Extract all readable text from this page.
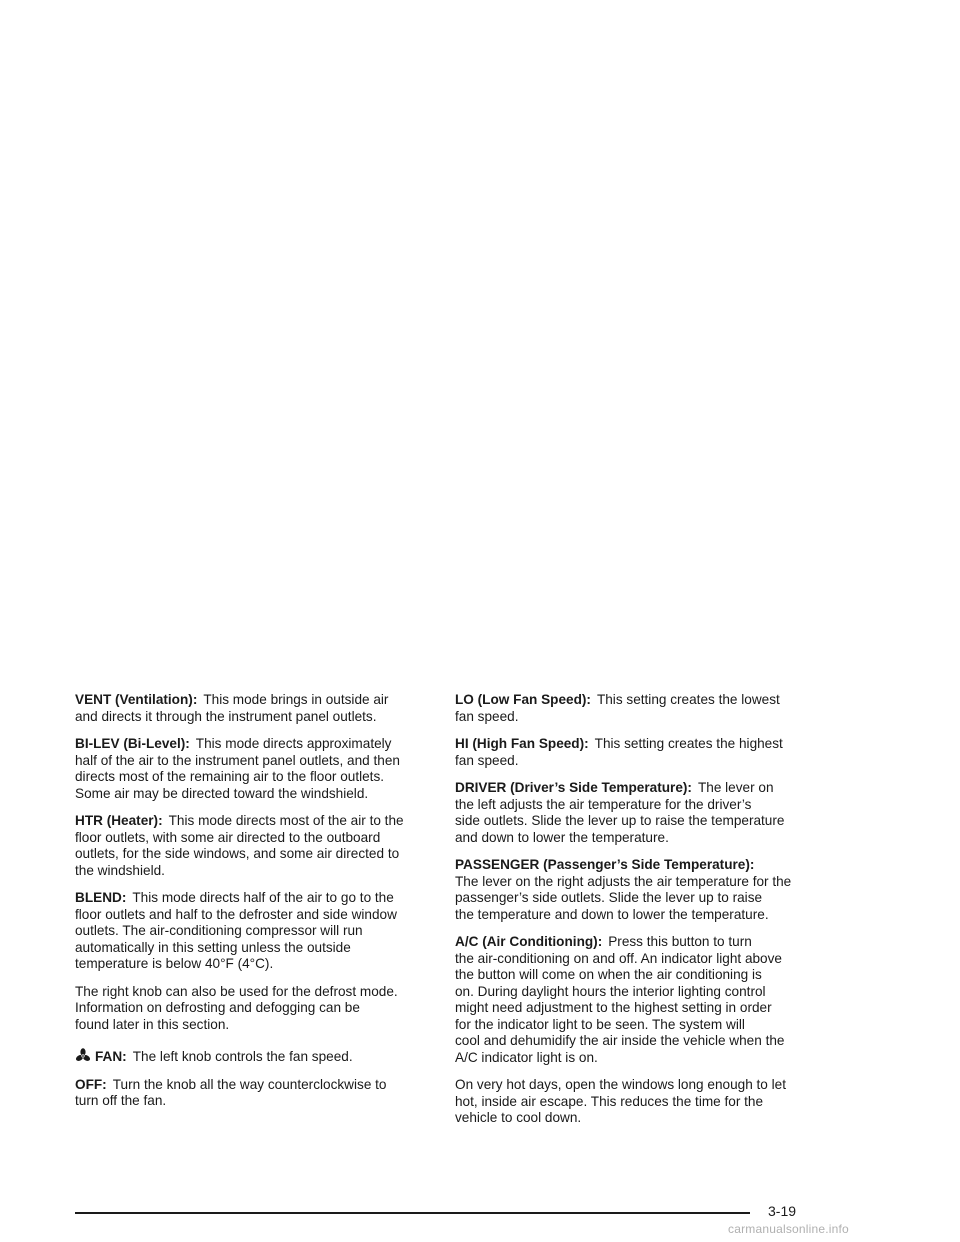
VENT (Ventilation): This mode brings in outside air
and directs it through the instrument panel outlets.

BI-LEV (Bi-Level): This mode directs approximately
half of the air to the instrument panel outlets, and then
directs most of the remaining air to the floor outlets.
Some air may be directed toward the windshield.

HTR (Heater): This mode directs most of the air to the
floor outlets, with some air directed to the outboard
outlets, for the side windows, and some air directed to
the windshield.

BLEND: This mode directs half of the air to go to the
floor outlets and half to the defroster and side window
outlets. The air-conditioning compressor will run
automatically in this setting unless the outside
temperature is below 40°F (4°C).

The right knob can also be used for the defrost mode.
Information on defrosting and defogging can be
found later in this section.

FAN: The left knob controls the fan speed.

OFF: Turn the knob all the way counterclockwise to
turn off the fan.

LO (Low Fan Speed): This setting creates the lowest
fan speed.

HI (High Fan Speed): This setting creates the highest
fan speed.

DRIVER (Driver’s Side Temperature): The lever on
the left adjusts the air temperature for the driver’s
side outlets. Slide the lever up to raise the temperature
and down to lower the temperature.

PASSENGER (Passenger’s Side Temperature):
The lever on the right adjusts the air temperature for the
passenger’s side outlets. Slide the lever up to raise
the temperature and down to lower the temperature.

A/C (Air Conditioning): Press this button to turn
the air-conditioning on and off. An indicator light above
the button will come on when the air conditioning is
on. During daylight hours the interior lighting control
might need adjustment to the highest setting in order
for the indicator light to be seen. The system will
cool and dehumidify the air inside the vehicle when the
A/C indicator light is on.

On very hot days, open the windows long enough to let
hot, inside air escape. This reduces the time for the
vehicle to cool down.

3-19
carmanualsonline.info
